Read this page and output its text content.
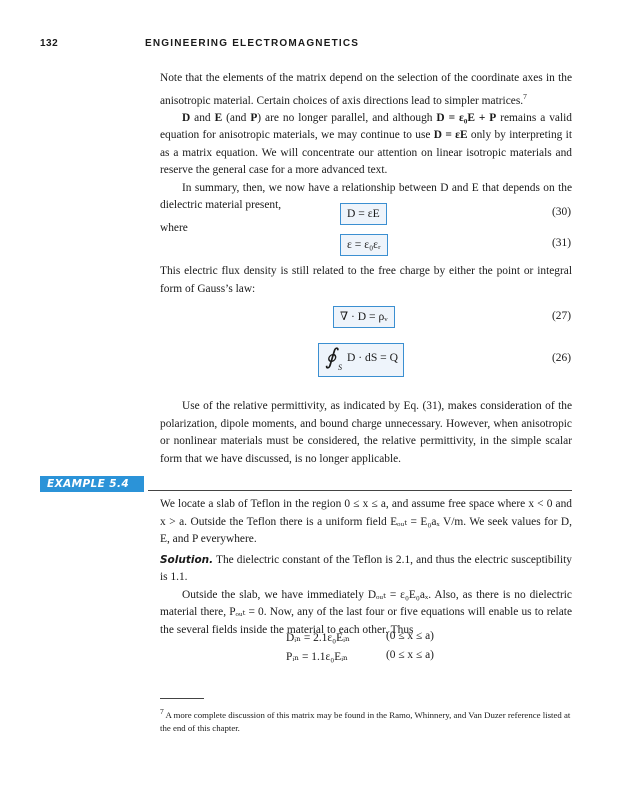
132	ENGINEERING ELECTROMAGNETICS

Note that the elements of the matrix depend on the selection of the coordinate axes in the anisotropic material. Certain choices of axis directions lead to simpler matrices.$^7$

D and E (and P) are no longer parallel, and although D = ε₀E + P remains a valid equation for anisotropic materials, we may continue to use D = εE only by interpreting it as a matrix equation. We will concentrate our attention on linear isotropic materials and reserve the general case for a more advanced text.

In summary, then, we now have a relationship between D and E that depends on the dielectric material present,

D = εE	(30)
where
ε = ε₀εᵣ	(31)
This electric flux density is still related to the free charge by either the point or integral form of Gauss’s law:
∇ · D = ρᵥ	(27)
∮ S
D · dS = Q	(26)
Use of the relative permittivity, as indicated by Eq. (31), makes consideration of the polarization, dipole moments, and bound charge unnecessary. However, when anisotropic or nonlinear materials must be considered, the relative permittivity, in the simple scalar form that we have discussed, is no longer applicable.
EXAMPLE 5.4

We locate a slab of Teflon in the region 0 ≤ x ≤ a, and assume free space where x < 0 and x > a. Outside the Teflon there is a uniform field Eₒᵤₜ = E₀aₓ V/m. We seek values for D, E, and P everywhere.

Solution. The dielectric constant of the Teflon is 2.1, and thus the electric susceptibility is 1.1.

Outside the slab, we have immediately Dₒᵤₜ = ε₀E₀aₓ. Also, as there is no dielectric material there, Pₒᵤₜ = 0. Now, any of the last four or five equations will enable us to relate the several fields inside the material to each other. Thus

Dᵢₙ = 2.1ε₀Eᵢₙ	(0 ≤ x ≤ a)
Pᵢₙ = 1.1ε₀Eᵢₙ	(0 ≤ x ≤ a)
$^7$ A more complete discussion of this matrix may be found in the Ramo, Whinnery, and Van Duzer reference listed at the end of this chapter.
